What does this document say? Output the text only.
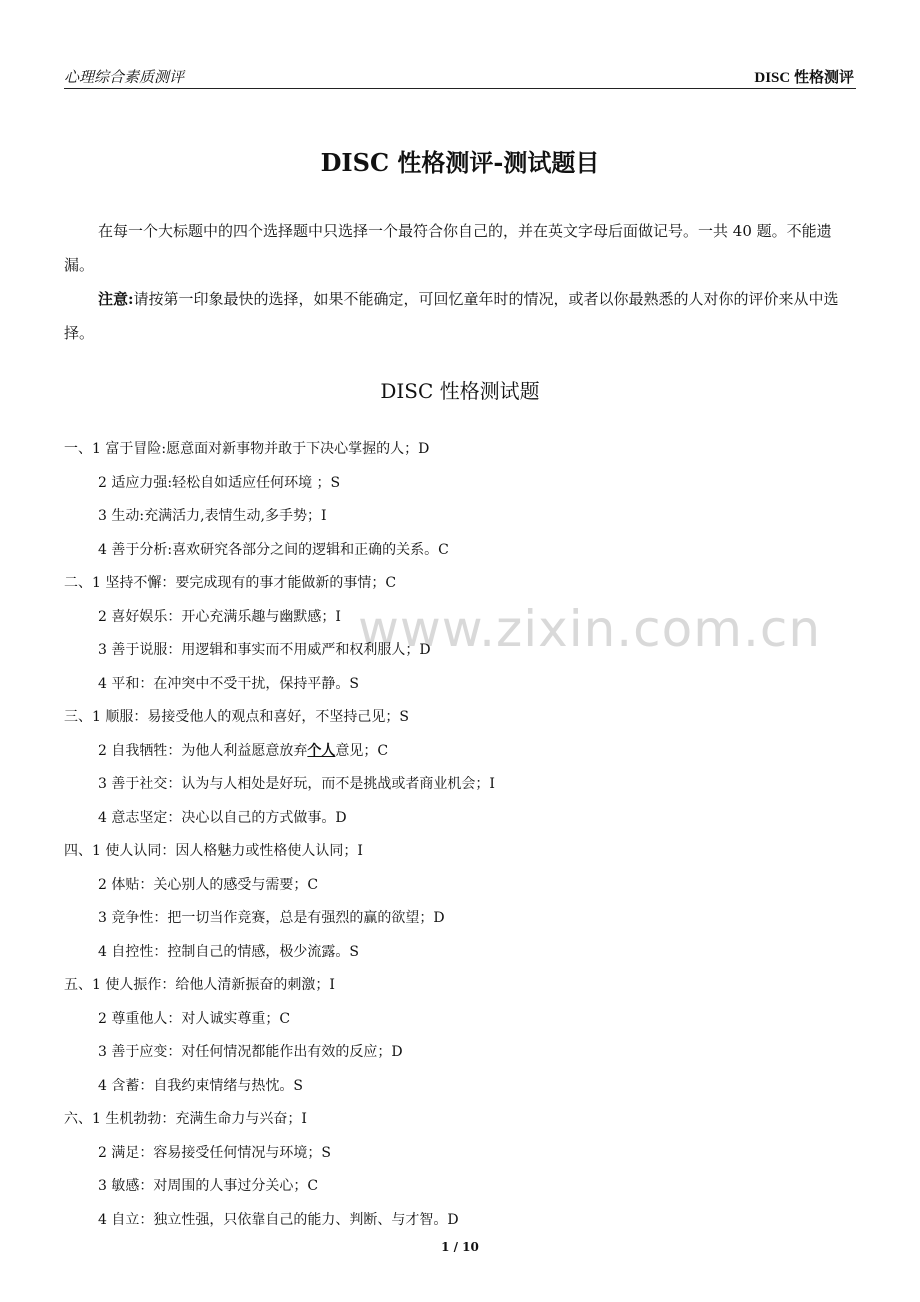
心理综合素质测评	DISC 性格测评
DISC 性格测评-测试题目
在每一个大标题中的四个选择题中只选择一个最符合你自己的，并在英文字母后面做记号。一共 40 题。不能遗漏。
注意:请按第一印象最快的选择，如果不能确定，可回忆童年时的情况，或者以你最熟悉的人对你的评价来从中选择。
DISC 性格测试题
www.zixin.com.cn
一、1 富于冒险:愿意面对新事物并敢于下决心掌握的人；D
2 适应力强:轻松自如适应任何环境 ；S
3 生动:充满活力,表情生动,多手势；I
4 善于分析:喜欢研究各部分之间的逻辑和正确的关系。C
二、1 坚持不懈：要完成现有的事才能做新的事情；C
2 喜好娱乐：开心充满乐趣与幽默感；I
3 善于说服：用逻辑和事实而不用威严和权利服人；D
4 平和：在冲突中不受干扰，保持平静。S
三、1 顺服：易接受他人的观点和喜好，不坚持己见；S
2 自我牺牲：为他人利益愿意放弃个人意见；C
3 善于社交：认为与人相处是好玩，而不是挑战或者商业机会；I
4 意志坚定：决心以自己的方式做事。D
四、1 使人认同：因人格魅力或性格使人认同；I
2 体贴：关心别人的感受与需要；C
3 竞争性：把一切当作竞赛，总是有强烈的赢的欲望；D
4 自控性：控制自己的情感，极少流露。S
五、1 使人振作：给他人清新振奋的刺激；I
2 尊重他人：对人诚实尊重；C
3 善于应变：对任何情况都能作出有效的反应；D
4 含蓄：自我约束情绪与热忱。S
六、1 生机勃勃：充满生命力与兴奋；I
2 满足：容易接受任何情况与环境；S
3 敏感：对周围的人事过分关心；C
4 自立：独立性强，只依靠自己的能力、判断、与才智。D
1 / 10
